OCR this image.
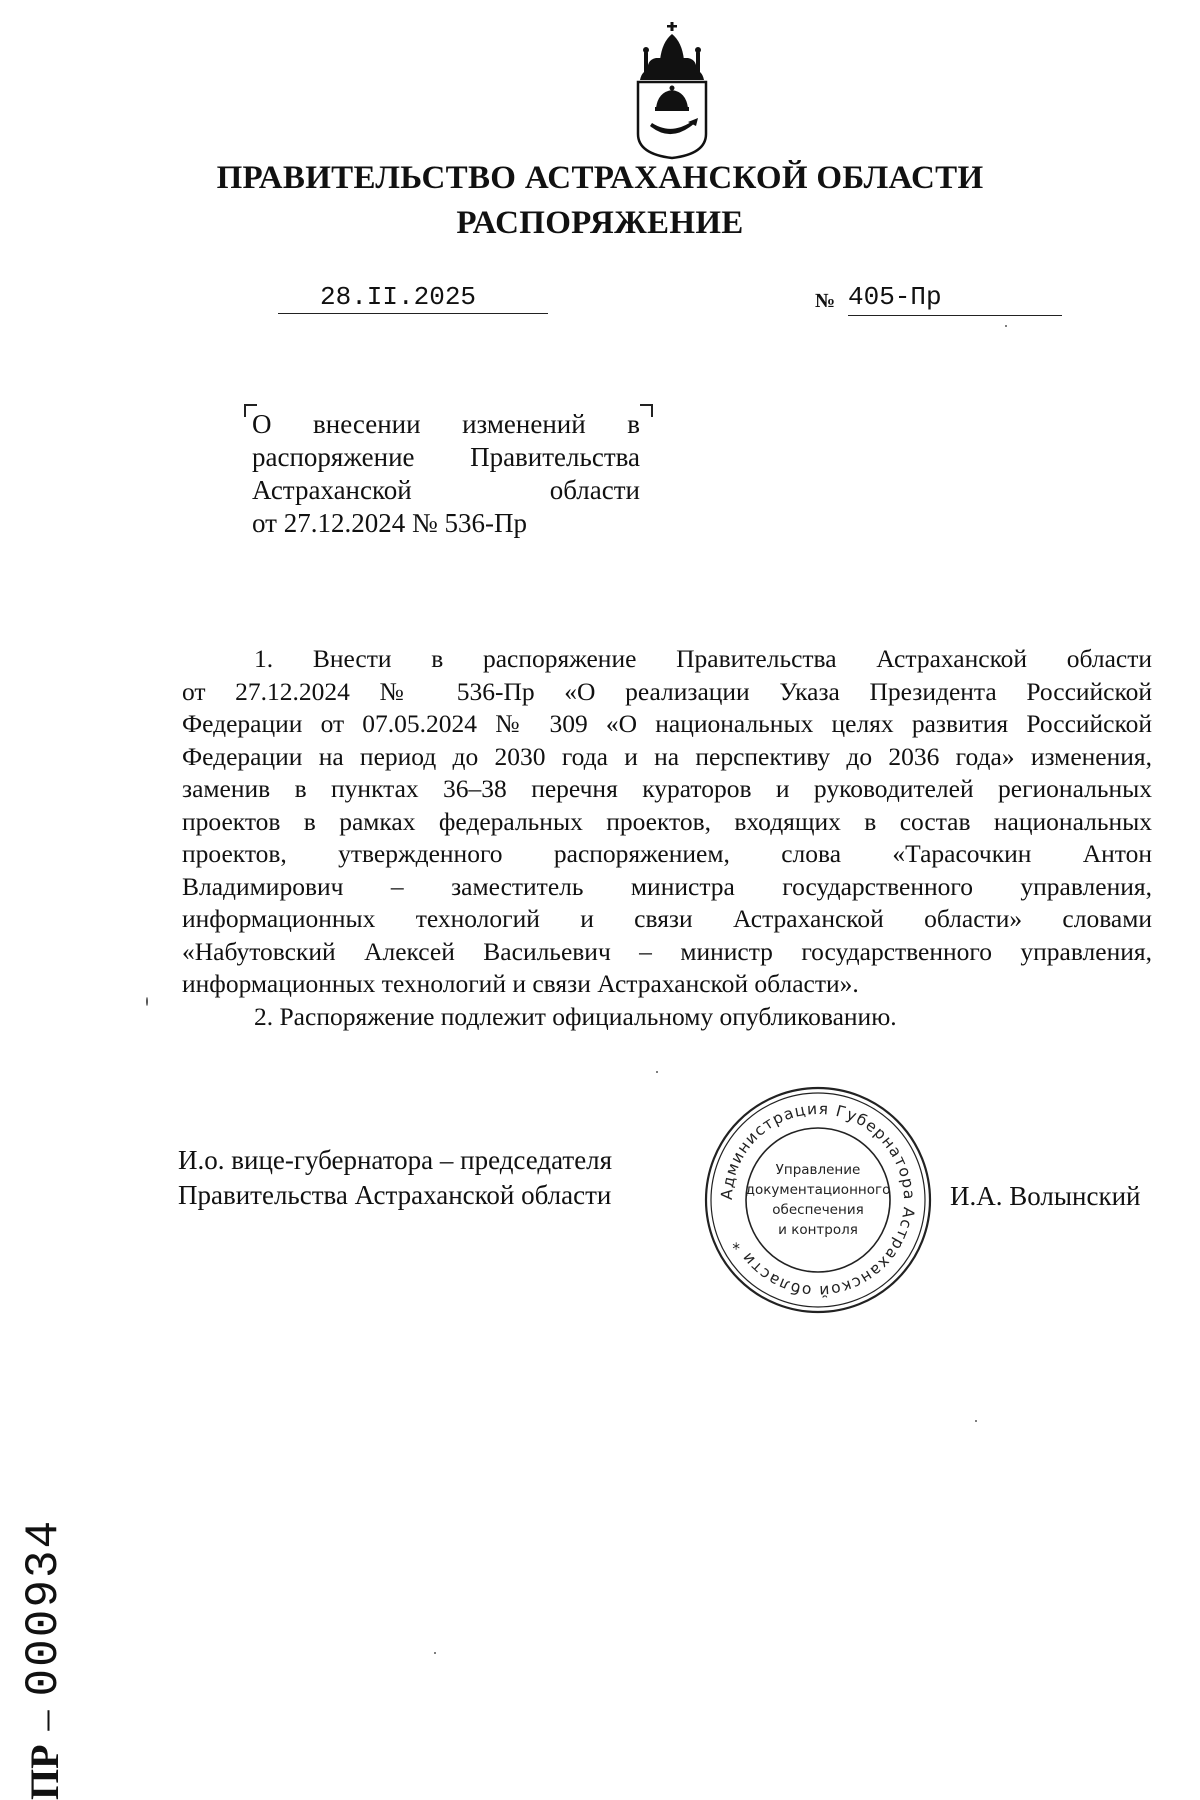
ПРАВИТЕЛЬСТВО АСТРАХАНСКОЙ ОБЛАСТИ
РАСПОРЯЖЕНИЕ
28.II.2025	№ 405-Пр
О внесении изменений в
распоряжение Правительства
Астраханской	области
от 27.12.2024 № 536-Пр
1. Внести в распоряжение Правительства Астраханской области
от 27.12.2024 № 536-Пр «О реализации Указа Президента Российской
Федерации от 07.05.2024 № 309 «О национальных целях развития Российской
Федерации на период до 2030 года и на перспективу до 2036 года» изменения,
заменив в пунктах 36–38 перечня кураторов и руководителей региональных
проектов в рамках федеральных проектов, входящих в состав национальных
проектов, утвержденного распоряжением, слова «Тарасочкин Антон
Владимирович – заместитель министра государственного управления,
информационных технологий и связи Астраханской области» словами
«Набутовский Алексей Васильевич – министр государственного управления,
информационных технологий и связи Астраханской области».
2. Распоряжение подлежит официальному опубликованию.
И.о. вице-губернатора – председателя
Правительства Астраханской области	И.А. Волынский
Администрация Губернатора Астраханской области *
Управление
документационного
обеспечения
и контроля
ПР
–
000934
